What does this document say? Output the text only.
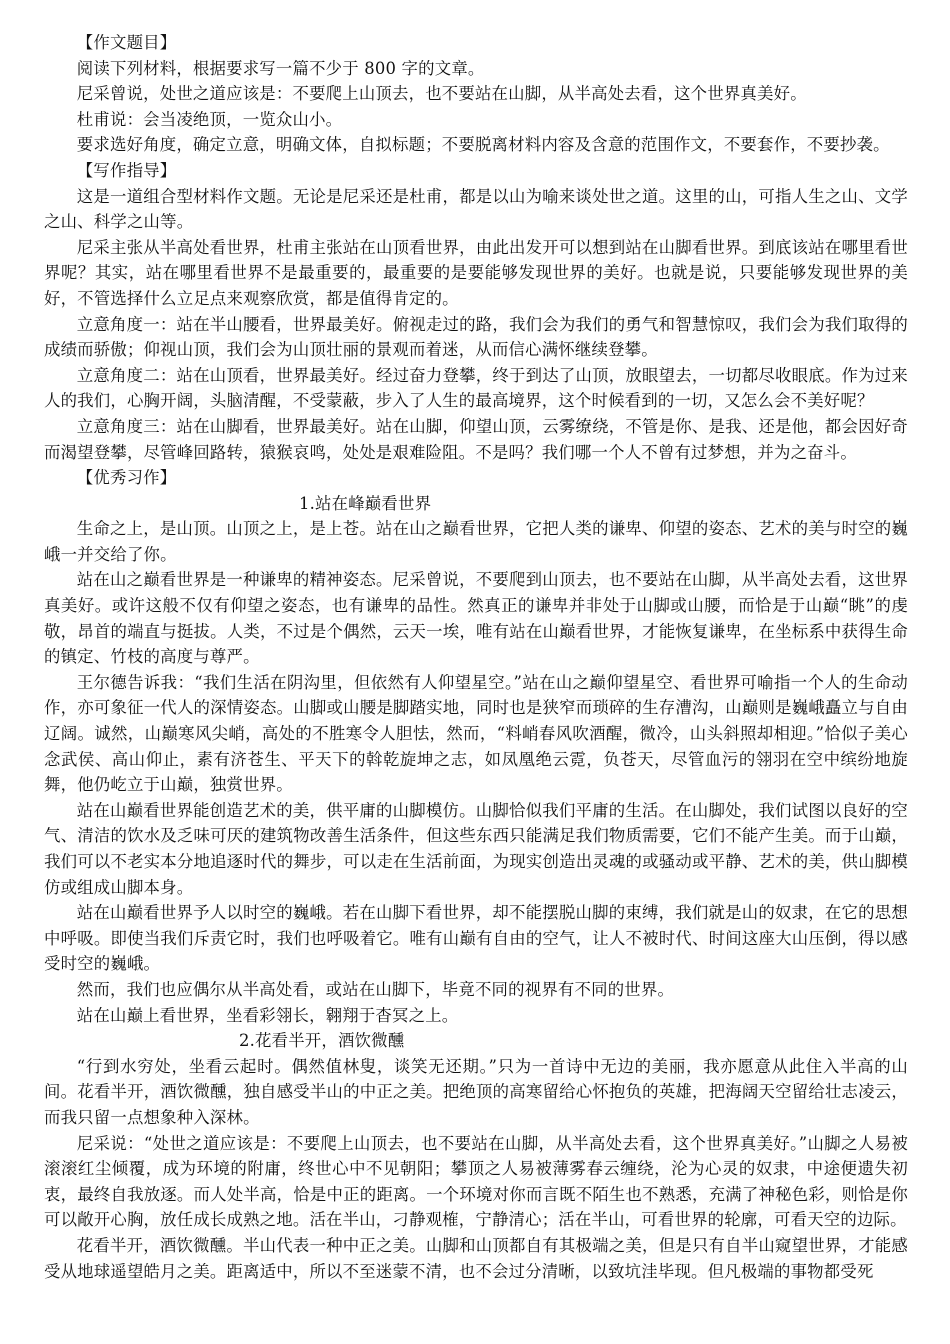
【作文题目】

阅读下列材料，根据要求写一篇不少于 800 字的文章。

尼采曾说，处世之道应该是：不要爬上山顶去，也不要站在山脚，从半高处去看，这个世界真美好。

杜甫说：会当凌绝顶，一览众山小。

要求选好角度，确定立意，明确文体，自拟标题；不要脱离材料内容及含意的范围作文，不要套作，不要抄袭。

【写作指导】

这是一道组合型材料作文题。无论是尼采还是杜甫，都是以山为喻来谈处世之道。这里的山，可指人生之山、文学之山、科学之山等。

尼采主张从半高处看世界，杜甫主张站在山顶看世界，由此出发开可以想到站在山脚看世界。到底该站在哪里看世界呢？其实，站在哪里看世界不是最重要的，最重要的是要能够发现世界的美好。也就是说，只要能够发现世界的美好，不管选择什么立足点来观察欣赏，都是值得肯定的。

立意角度一：站在半山腰看，世界最美好。俯视走过的路，我们会为我们的勇气和智慧惊叹，我们会为我们取得的成绩而骄傲；仰视山顶，我们会为山顶壮丽的景观而着迷，从而信心满怀继续登攀。

立意角度二：站在山顶看，世界最美好。经过奋力登攀，终于到达了山顶，放眼望去，一切都尽收眼底。作为过来人的我们，心胸开阔，头脑清醒，不受蒙蔽，步入了人生的最高境界，这个时候看到的一切，又怎么会不美好呢？

立意角度三：站在山脚看，世界最美好。站在山脚，仰望山顶，云雾缭绕，不管是你、是我、还是他，都会因好奇而渴望登攀，尽管峰回路转，猿猴哀鸣，处处是艰难险阻。不是吗？我们哪一个人不曾有过梦想，并为之奋斗。

【优秀习作】

1.站在峰巅看世界

生命之上，是山顶。山顶之上，是上苍。站在山之巅看世界，它把人类的谦卑、仰望的姿态、艺术的美与时空的巍峨一并交给了你。

站在山之巅看世界是一种谦卑的精神姿态。尼采曾说，不要爬到山顶去，也不要站在山脚，从半高处去看，这世界真美好。或许这般不仅有仰望之姿态，也有谦卑的品性。然真正的谦卑并非处于山脚或山腰，而恰是于山巅“眺”的虔敬，昂首的端直与挺拔。人类，不过是个偶然，云天一埃，唯有站在山巅看世界，才能恢复谦卑，在坐标系中获得生命的镇定、竹枝的高度与尊严。

王尔德告诉我：“我们生活在阴沟里，但依然有人仰望星空。”站在山之巅仰望星空、看世界可喻指一个人的生命动作，亦可象征一代人的深情姿态。山脚或山腰是脚踏实地，同时也是狭窄而琐碎的生存漕沟，山巅则是巍峨矗立与自由辽阔。诚然，山巅寒风尖峭，高处的不胜寒令人胆怯，然而，“料峭春风吹酒醒，微冷，山头斜照却相迎。”恰似子美心念武侯、高山仰止，素有济苍生、平天下的斡乾旋坤之志，如凤凰绝云霓，负苍天，尽管血污的翎羽在空中缤纷地旋舞，他仍屹立于山巅，独赏世界。

站在山巅看世界能创造艺术的美，供平庸的山脚模仿。山脚恰似我们平庸的生活。在山脚处，我们试图以良好的空气、清洁的饮水及乏味可厌的建筑物改善生活条件，但这些东西只能满足我们物质需要，它们不能产生美。而于山巅，我们可以不老实本分地追逐时代的舞步，可以走在生活前面，为现实创造出灵魂的或骚动或平静、艺术的美，供山脚模仿或组成山脚本身。

站在山巅看世界予人以时空的巍峨。若在山脚下看世界，却不能摆脱山脚的束缚，我们就是山的奴隶，在它的思想中呼吸。即使当我们斥责它时，我们也呼吸着它。唯有山巅有自由的空气，让人不被时代、时间这座大山压倒，得以感受时空的巍峨。

然而，我们也应偶尔从半高处看，或站在山脚下，毕竟不同的视界有不同的世界。

站在山巅上看世界，坐看彩翎长，翱翔于杳冥之上。

2.花看半开，酒饮微醺

“行到水穷处，坐看云起时。偶然值林叟，谈笑无还期。”只为一首诗中无边的美丽，我亦愿意从此住入半高的山间。花看半开，酒饮微醺，独自感受半山的中正之美。把绝顶的高寒留给心怀抱负的英雄，把海阔天空留给壮志凌云，而我只留一点想象种入深林。

尼采说：“处世之道应该是：不要爬上山顶去，也不要站在山脚，从半高处去看，这个世界真美好。”山脚之人易被滚滚红尘倾覆，成为环境的附庸，终世心中不见朝阳；攀顶之人易被薄雾春云缠绕，沦为心灵的奴隶，中途便遗失初衷，最终自我放逐。而人处半高，恰是中正的距离。一个环境对你而言既不陌生也不熟悉，充满了神秘色彩，则恰是你可以敞开心胸，放任成长成熟之地。活在半山，刁静观榷，宁静清心；活在半山，可看世界的轮廓，可看天空的边际。

花看半开，酒饮微醺。半山代表一种中正之美。山脚和山顶都自有其极端之美，但是只有自半山窥望世界，才能感受从地球遥望皓月之美。距离适中，所以不至迷蒙不清，也不会过分清晰，以致坑洼毕现。但凡极端的事物都受死
